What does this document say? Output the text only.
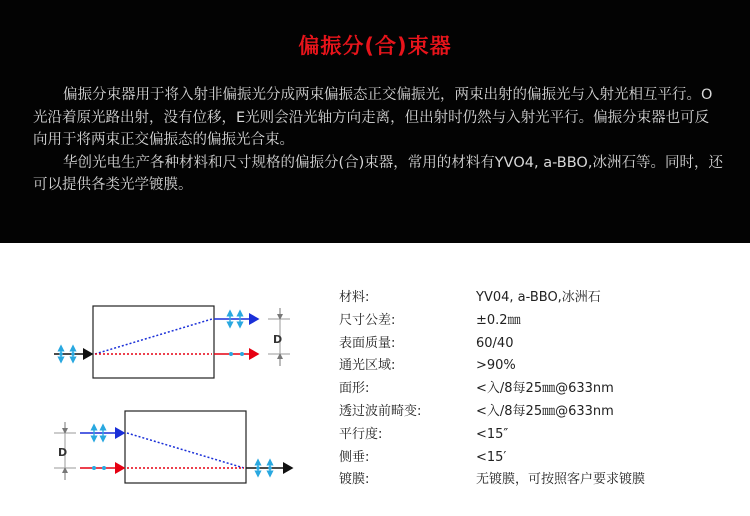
偏振分(合)束器

偏振分束器用于将入射非偏振光分成两束偏振态正交偏振光，两束出射的偏振光与入射光相互平行。O光沿着原光路出射，没有位移，E光则会沿光轴方向走离，但出射时仍然与入射光平行。偏振分束器也可反向用于将两束正交偏振态的偏振光合束。

华创光电生产各种材料和尺寸规格的偏振分(合)束器，常用的材料有YVO4, a-BBO,冰洲石等。同时，还可以提供各类光学镀膜。

D
D
材料:	YV04, a-BBO,冰洲石
尺寸公差:	±0.2㎜
表面质量:	60/40
通光区域:	>90%
面形:	<入/8每25㎜@633nm
透过波前畸变:	<入/8每25㎜@633nm
平行度:	<15″
侧垂:	<15′
镀膜:	无镀膜，可按照客户要求镀膜
